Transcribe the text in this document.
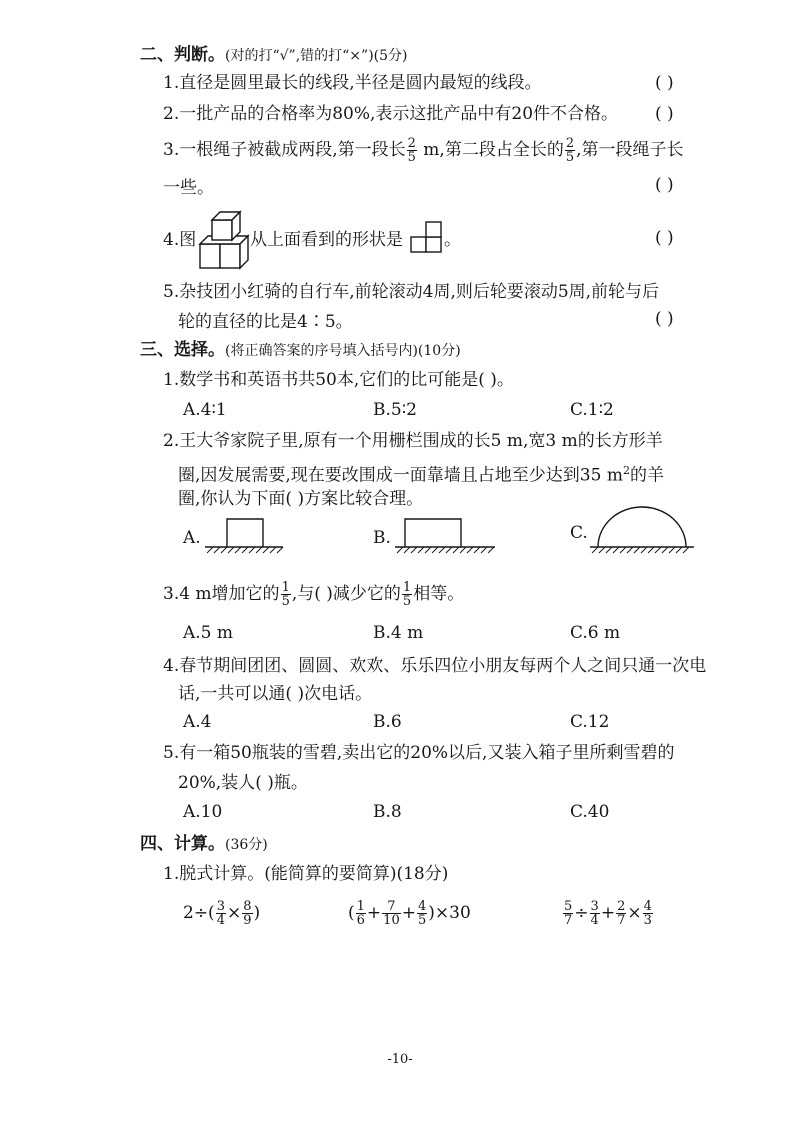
二、判断。(对的打“√”,错的打“×”)(5分)
1.直径是圆里最长的线段,半径是圆内最短的线段。	( )
2.一批产品的合格率为80%,表示这批产品中有20件不合格。 ( )
3.一根绳子被截成两段,第一段长 $\frac{2}{5} m$,第二段占全长的 $\frac{2}{5}$ ,第一段绳子长
一些。	( )
4.图	从上面看到的形状是 。	( )
5.杂技团小红骑的自行车,前轮滚动4周,则后轮要滚动5周,前轮与后
轮的直径的比是4∶5。	( )
三、选择。(将正确答案的序号填入括号内)(10分)
1.数学书和英语书共50本,它们的比可能是( )。
A.4∶1	B.5∶2	C.1∶2
2.王大爷家院子里,原有一个用栅栏围成的长5 m,宽3 m的长方形羊
圈,因发展需要,现在要改围成一面靠墙且占地至少达到35 $m^2$的羊
圈,你认为下面( )方案比较合理。
A.	B.	C.
3.4 m增加它的 $\frac{1}{5}$ ,与( )减少它的 $\frac{1}{5}$ 相等。
A.5 m	B.4 m	C.6 m
4.春节期间团团、圆圆、欢欢、乐乐四位小朋友每两个人之间只通一次电
话,一共可以通( )次电话。
A.4	B.6	C.12
5.有一箱50瓶装的雪碧,卖出它的20%以后,又装入箱子里所剩雪碧的
20%,装人( )瓶。
A.10	B.8	C.40
四、计算。(36分)
1.脱式计算。(能简算的要简算)(18分)
$2\div( \frac{3}{4} \times \frac{8}{9}$ )	( $\frac{1}{6} + \frac{7}{10} + \frac{4}{5} )\times 30$	$\frac{5}{7} \div \frac{3}{4} + \frac{2}{7} \times \frac{4}{3}$
-10-
